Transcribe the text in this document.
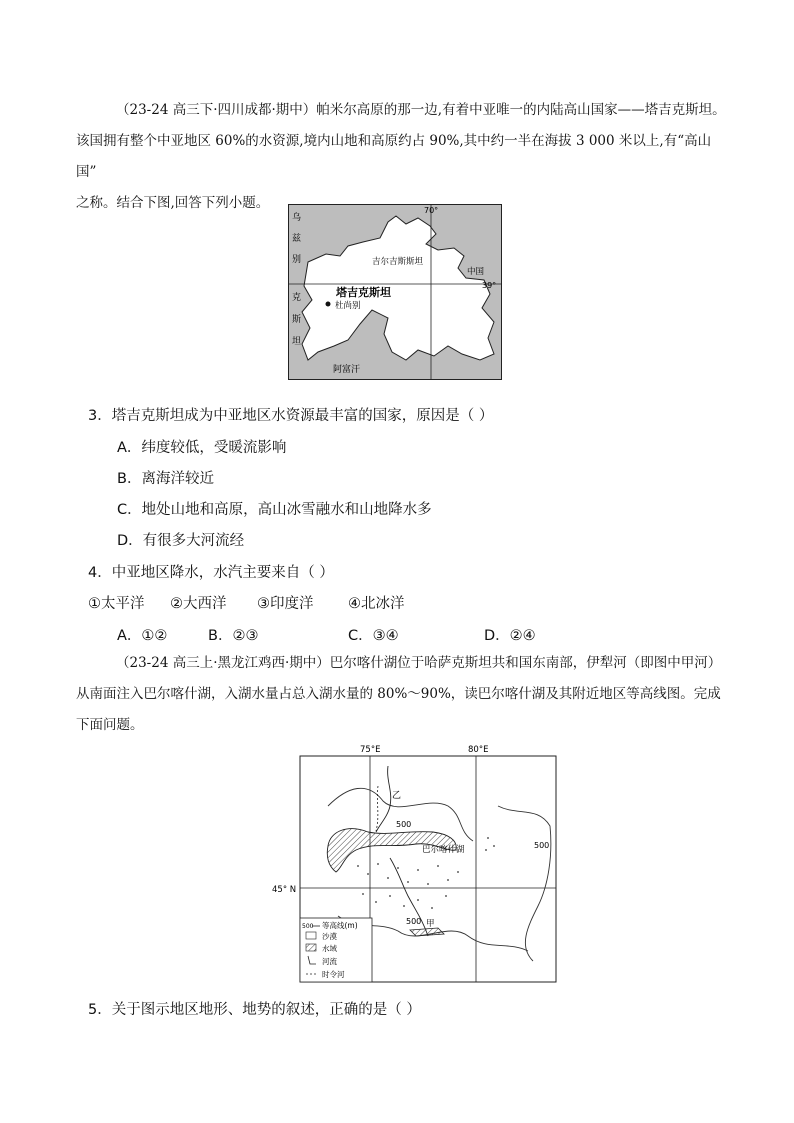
（23-24 高三下·四川成都·期中）帕米尔高原的那一边,有着中亚唯一的内陆高山国家——塔吉克斯坦。
该国拥有整个中亚地区 60%的水资源,境内山地和高原约占 90%,其中约一半在海拔 3 000 米以上,有“高山国”
之称。结合下图,回答下列小题。
乌
兹
别
克
斯
坦
70°
吉尔吉斯斯坦
中国
39°
塔吉克斯坦
杜尚别
阿富汗
3．塔吉克斯坦成为中亚地区水资源最丰富的国家，原因是（ ）
A．纬度较低，受暖流影响
B．离海洋较近
C．地处山地和高原，高山冰雪融水和山地降水多
D．有很多大河流经
4．中亚地区降水，水汽主要来自（ ）
①太平洋 ②大西洋 ③印度洋 ④北冰洋
A．①②	B．②③	C．③④	D．②④
（23-24 高三上·黑龙江鸡西·期中）巴尔喀什湖位于哈萨克斯坦共和国东南部，伊犁河（即图中甲河）
从南面注入巴尔喀什湖，入湖水量占总入湖水量的 80%～90%，读巴尔喀什湖及其附近地区等高线图。完成
下面问题。
75°E	80°E
45° N
乙
500
500
500
巴尔喀什湖
甲
500 等高线(m)
沙漠
水域
河流
时令河
5．关于图示地区地形、地势的叙述，正确的是（ ）
